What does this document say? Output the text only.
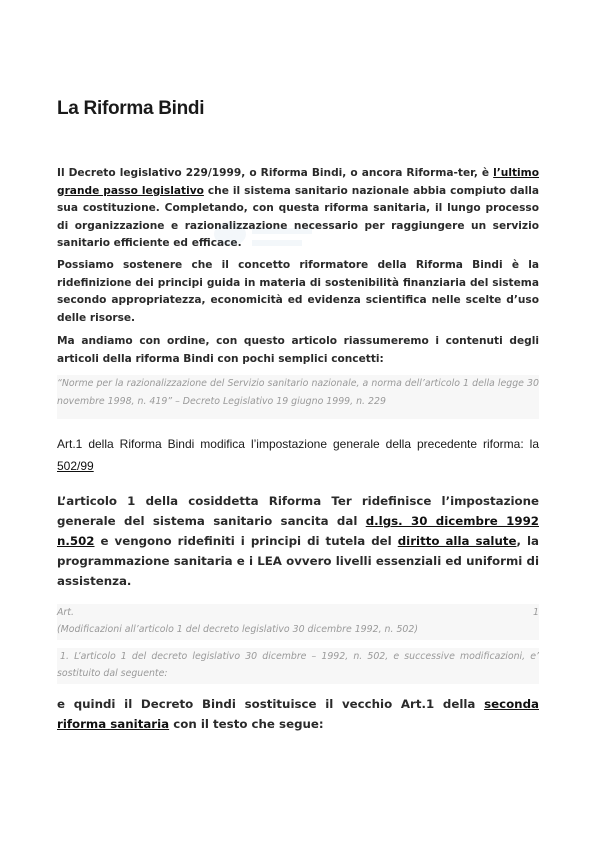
La Riforma Bindi

Il Decreto legislativo 229/1999, o Riforma Bindi, o ancora Riforma-ter, è l’ultimo grande passo legislativo che il sistema sanitario nazionale abbia compiuto dalla sua costituzione. Completando, con questa riforma sanitaria, il lungo processo di organizzazione e razionalizzazione necessario per raggiungere un servizio sanitario efficiente ed efficace.

Possiamo sostenere che il concetto riformatore della Riforma Bindi è la ridefinizione dei principi guida in materia di sostenibilità finanziaria del sistema secondo appropriatezza, economicità ed evidenza scientifica nelle scelte d’uso delle risorse.

Ma andiamo con ordine, con questo articolo riassumeremo i contenuti degli articoli della riforma Bindi con pochi semplici concetti:

“Norme per la razionalizzazione del Servizio sanitario nazionale, a norma dell’articolo 1 della legge 30 novembre 1998, n. 419” – Decreto Legislativo 19 giugno 1999, n. 229

Art.1 della Riforma Bindi modifica l’impostazione generale della precedente riforma: la 502/99

L’articolo 1 della cosiddetta Riforma Ter ridefinisce l’impostazione generale del sistema sanitario sancita dal d.lgs. 30 dicembre 1992 n.502 e vengono ridefiniti i principi di tutela del diritto alla salute, la programmazione sanitaria e i LEA ovvero livelli essenziali ed uniformi di assistenza.

Art.	1
(Modificazioni all’articolo 1 del decreto legislativo 30 dicembre 1992, n. 502)
1. L’articolo 1 del decreto legislativo 30 dicembre – 1992, n. 502, e successive modificazioni, e’ sostituito dal seguente:

e quindi il Decreto Bindi sostituisce il vecchio Art.1 della seconda riforma sanitaria con il testo che segue:
